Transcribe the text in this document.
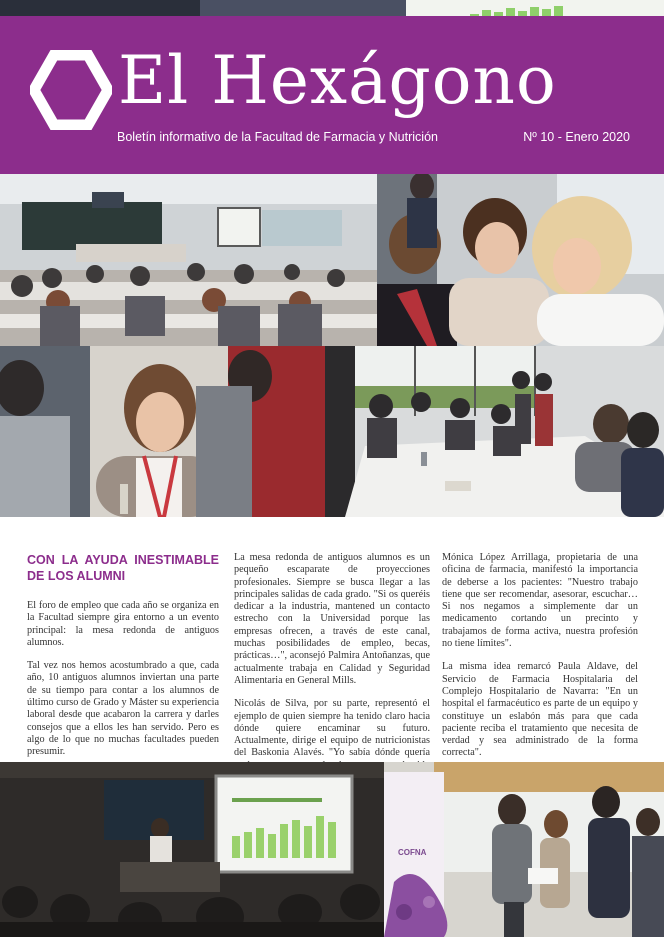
El Hexágono
Boletín informativo de la Facultad de Farmacia y Nutrición	Nº 10 - Enero 2020
CON LA AYUDA INESTIMABLE DE LOS ALUMNI

El foro de empleo que cada año se organiza en la Facultad siempre gira entorno a un evento principal: la mesa redonda de antiguos alumnos.

Tal vez nos hemos acostumbrado a que, cada año, 10 antiguos alumnos inviertan una parte de su tiempo para contar a los alumnos de último curso de Grado y Máster su experiencia laboral desde que acabaron la carrera y darles consejos que a ellos les han servido. Pero es algo de lo que no muchas facultades pueden presumir.

La mesa redonda de antiguos alumnos es un pequeño escaparate de proyecciones profesionales. Siempre se busca llegar a las principales salidas de cada grado. "Si os queréis dedicar a la industria, mantened un contacto estrecho con la Universidad porque las empresas ofrecen, a través de este canal, muchas posibilidades de empleo, becas, prácticas…", aconsejó Palmira Antoñanzas, que actualmente trabaja en Calidad y Seguridad Alimentaria en General Mills.

Nicolás de Silva, por su parte, representó el ejemplo de quien siempre ha tenido claro hacia dónde quiere encaminar su futuro. Actualmente, dirige el equipo de nutricionistas del Baskonia Alavés. "Yo sabía dónde quería

Mónica López Arrillaga, propietaria de una oficina de farmacia, manifestó la importancia de deberse a los pacientes: "Nuestro trabajo tiene que ser recomendar, asesorar, escuchar… Si nos negamos a simplemente dar un medicamento cortando un precinto y trabajamos de forma activa, nuestra profesión no tiene límites".

La misma idea remarcó Paula Aldave, del Servicio de Farmacia Hospitalaria del Complejo Hospitalario de Navarra: "En un hospital el farmacéutico es parte de un equipo y constituye un eslabón más para que cada paciente reciba el tratamiento que necesita de verdad y sea administrado de la forma correcta".

COFNA
